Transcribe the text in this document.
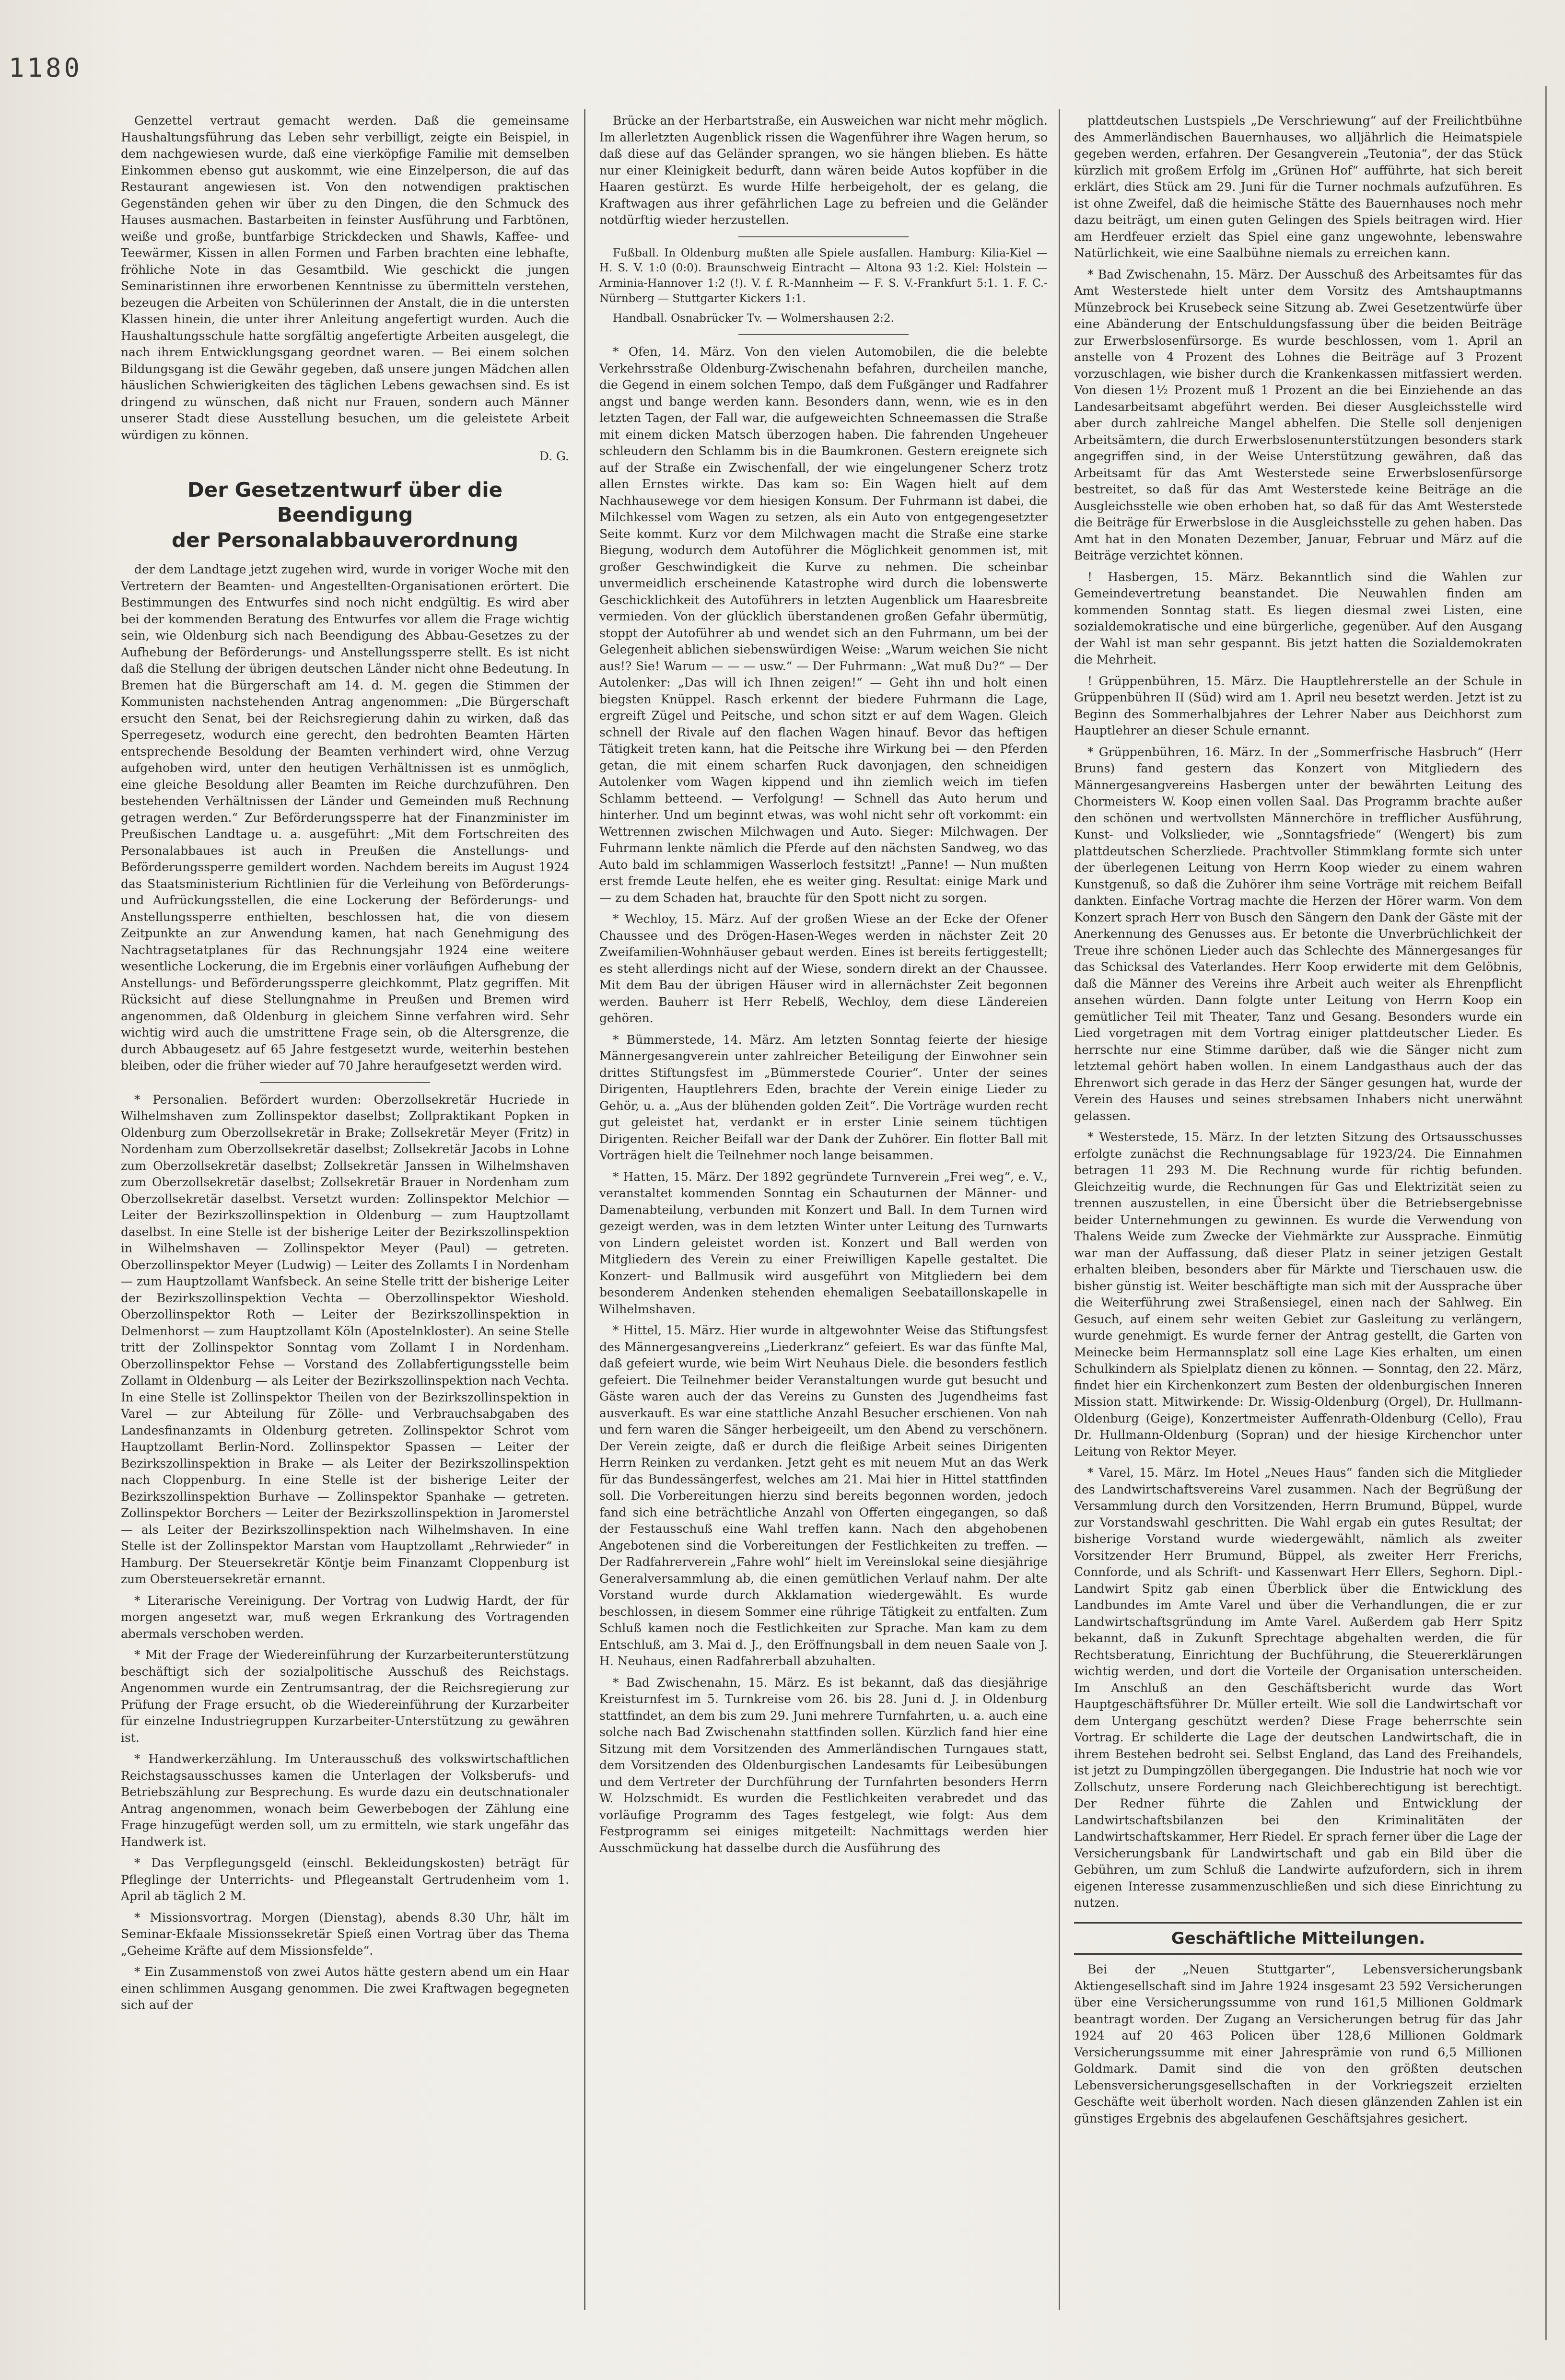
1180

Genzettel vertraut gemacht werden. Daß die gemeinsame Haushaltungsführung das Leben sehr verbilligt, zeigte ein Beispiel, in dem nachgewiesen wurde, daß eine vierköpfige Familie mit demselben Einkommen ebenso gut auskommt, wie eine Einzelperson, die auf das Restaurant angewiesen ist. Von den notwendigen praktischen Gegenständen gehen wir über zu den Dingen, die den Schmuck des Hauses ausmachen. Bastarbeiten in feinster Ausführung und Farbtönen, weiße und große, buntfarbige Strickdecken und Shawls, Kaffee- und Teewärmer, Kissen in allen Formen und Farben brachten eine lebhafte, fröhliche Note in das Gesamtbild. Wie geschickt die jungen Seminaristinnen ihre erworbenen Kenntnisse zu übermitteln verstehen, bezeugen die Arbeiten von Schülerinnen der Anstalt, die in die untersten Klassen hinein, die unter ihrer Anleitung angefertigt wurden. Auch die Haushaltungsschule hatte sorgfältig angefertigte Arbeiten ausgelegt, die nach ihrem Entwicklungsgang geordnet waren. — Bei einem solchen Bildungsgang ist die Gewähr gegeben, daß unsere jungen Mädchen allen häuslichen Schwierigkeiten des täglichen Lebens gewachsen sind. Es ist dringend zu wünschen, daß nicht nur Frauen, sondern auch Männer unserer Stadt diese Ausstellung besuchen, um die geleistete Arbeit würdigen zu können.

D. G.

Der Gesetzentwurf über die Beendigung
der Personalabbauverordnung

der dem Landtage jetzt zugehen wird, wurde in voriger Woche mit den Vertretern der Beamten- und Angestellten-Organisationen erörtert. Die Bestimmungen des Entwurfes sind noch nicht endgültig. Es wird aber bei der kommenden Beratung des Entwurfes vor allem die Frage wichtig sein, wie Oldenburg sich nach Beendigung des Abbau-Gesetzes zu der Aufhebung der Beförderungs- und Anstellungssperre stellt. Es ist nicht daß die Stellung der übrigen deutschen Länder nicht ohne Bedeutung. In Bremen hat die Bürgerschaft am 14. d. M. gegen die Stimmen der Kommunisten nachstehenden Antrag angenommen: „Die Bürgerschaft ersucht den Senat, bei der Reichsregierung dahin zu wirken, daß das Sperregesetz, wodurch eine gerecht, den bedrohten Beamten Härten entsprechende Besoldung der Beamten verhindert wird, ohne Verzug aufgehoben wird, unter den heutigen Verhältnissen ist es unmöglich, eine gleiche Besoldung aller Beamten im Reiche durchzuführen. Den bestehenden Verhältnissen der Länder und Gemeinden muß Rechnung getragen werden.“ Zur Beförderungssperre hat der Finanzminister im Preußischen Landtage u. a. ausgeführt: „Mit dem Fortschreiten des Personalabbaues ist auch in Preußen die Anstellungs- und Beförderungssperre gemildert worden. Nachdem bereits im August 1924 das Staatsministerium Richtlinien für die Verleihung von Beförderungs- und Aufrückungsstellen, die eine Lockerung der Beförderungs- und Anstellungssperre enthielten, beschlossen hat, die von diesem Zeitpunkte an zur Anwendung kamen, hat nach Genehmigung des Nachtragsetatplanes für das Rechnungsjahr 1924 eine weitere wesentliche Lockerung, die im Ergebnis einer vorläufigen Aufhebung der Anstellungs- und Beförderungssperre gleichkommt, Platz gegriffen. Mit Rücksicht auf diese Stellungnahme in Preußen und Bremen wird angenommen, daß Oldenburg in gleichem Sinne verfahren wird. Sehr wichtig wird auch die umstrittene Frage sein, ob die Altersgrenze, die durch Abbaugesetz auf 65 Jahre festgesetzt wurde, weiterhin bestehen bleiben, oder die früher wieder auf 70 Jahre heraufgesetzt werden wird.

* Personalien. Befördert wurden: Oberzollsekretär Hucriede in Wilhelmshaven zum Zollinspektor daselbst; Zollpraktikant Popken in Oldenburg zum Oberzollsekretär in Brake; Zollsekretär Meyer (Fritz) in Nordenham zum Oberzollsekretär daselbst; Zollsekretär Jacobs in Lohne zum Oberzollsekretär daselbst; Zollsekretär Janssen in Wilhelmshaven zum Oberzollsekretär daselbst; Zollsekretär Brauer in Nordenham zum Oberzollsekretär daselbst. Versetzt wurden: Zollinspektor Melchior — Leiter der Bezirkszollinspektion in Oldenburg — zum Hauptzollamt daselbst. In eine Stelle ist der bisherige Leiter der Bezirkszollinspektion in Wilhelmshaven — Zollinspektor Meyer (Paul) — getreten. Oberzollinspektor Meyer (Ludwig) — Leiter des Zollamts I in Nordenham — zum Hauptzollamt Wanfsbeck. An seine Stelle tritt der bisherige Leiter der Bezirkszollinspektion Vechta — Oberzollinspektor Wieshold. Oberzollinspektor Roth — Leiter der Bezirkszollinspektion in Delmenhorst — zum Hauptzollamt Köln (Apostelnkloster). An seine Stelle tritt der Zollinspektor Sonntag vom Zollamt I in Nordenham. Oberzollinspektor Fehse — Vorstand des Zollabfertigungsstelle beim Zollamt in Oldenburg — als Leiter der Bezirkszollinspektion nach Vechta. In eine Stelle ist Zollinspektor Theilen von der Bezirkszollinspektion in Varel — zur Abteilung für Zölle- und Verbrauchsabgaben des Landesfinanzamts in Oldenburg getreten. Zollinspektor Schrot vom Hauptzollamt Berlin-Nord. Zollinspektor Spassen — Leiter der Bezirkszollinspektion in Brake — als Leiter der Bezirkszollinspektion nach Cloppenburg. In eine Stelle ist der bisherige Leiter der Bezirkszollinspektion Burhave — Zollinspektor Spanhake — getreten. Zollinspektor Borchers — Leiter der Bezirkszollinspektion in Jaromerstel — als Leiter der Bezirkszollinspektion nach Wilhelmshaven. In eine Stelle ist der Zollinspektor Marstan vom Hauptzollamt „Rehrwieder“ in Hamburg. Der Steuersekretär Köntje beim Finanzamt Cloppenburg ist zum Obersteuersekretär ernannt.

* Literarische Vereinigung. Der Vortrag von Ludwig Hardt, der für morgen angesetzt war, muß wegen Erkrankung des Vortragenden abermals verschoben werden.

* Mit der Frage der Wiedereinführung der Kurzarbeiterunterstützung beschäftigt sich der sozialpolitische Ausschuß des Reichstags. Angenommen wurde ein Zentrumsantrag, der die Reichsregierung zur Prüfung der Frage ersucht, ob die Wiedereinführung der Kurzarbeiter für einzelne Industriegruppen Kurzarbeiter-Unterstützung zu gewähren ist.

* Handwerkerzählung. Im Unterausschuß des volkswirtschaftlichen Reichstagsausschusses kamen die Unterlagen der Volksberufs- und Betriebszählung zur Besprechung. Es wurde dazu ein deutschnationaler Antrag angenommen, wonach beim Gewerbebogen der Zählung eine Frage hinzugefügt werden soll, um zu ermitteln, wie stark ungefähr das Handwerk ist.

* Das Verpflegungsgeld (einschl. Bekleidungskosten) beträgt für Pfleglinge der Unterrichts- und Pflegeanstalt Gertrudenheim vom 1. April ab täglich 2 M.

* Missionsvortrag. Morgen (Dienstag), abends 8.30 Uhr, hält im Seminar-Ekfaale Missionssekretär Spieß einen Vortrag über das Thema „Geheime Kräfte auf dem Missionsfelde“.

* Ein Zusammenstoß von zwei Autos hätte gestern abend um ein Haar einen schlimmen Ausgang genommen. Die zwei Kraftwagen begegneten sich auf der

Brücke an der Herbartstraße, ein Ausweichen war nicht mehr möglich. Im allerletzten Augenblick rissen die Wagenführer ihre Wagen herum, so daß diese auf das Geländer sprangen, wo sie hängen blieben. Es hätte nur einer Kleinigkeit bedurft, dann wären beide Autos kopfüber in die Haaren gestürzt. Es wurde Hilfe herbeigeholt, der es gelang, die Kraftwagen aus ihrer gefährlichen Lage zu befreien und die Geländer notdürftig wieder herzustellen.

Fußball. In Oldenburg mußten alle Spiele ausfallen. Hamburg: Kilia-Kiel — H. S. V. 1:0 (0:0). Braunschweig Eintracht — Altona 93 1:2. Kiel: Holstein — Arminia-Hannover 1:2 (!). V. f. R.-Mannheim — F. S. V.-Frankfurt 5:1. 1. F. C.-Nürnberg — Stuttgarter Kickers 1:1.

Handball. Osnabrücker Tv. — Wolmershausen 2:2.

* Ofen, 14. März. Von den vielen Automobilen, die die belebte Verkehrsstraße Oldenburg-Zwischenahn befahren, durcheilen manche, die Gegend in einem solchen Tempo, daß dem Fußgänger und Radfahrer angst und bange werden kann. Besonders dann, wenn, wie es in den letzten Tagen, der Fall war, die aufgeweichten Schneemassen die Straße mit einem dicken Matsch überzogen haben. Die fahrenden Ungeheuer schleudern den Schlamm bis in die Baumkronen. Gestern ereignete sich auf der Straße ein Zwischenfall, der wie eingelungener Scherz trotz allen Ernstes wirkte. Das kam so: Ein Wagen hielt auf dem Nachhausewege vor dem hiesigen Konsum. Der Fuhrmann ist dabei, die Milchkessel vom Wagen zu setzen, als ein Auto von entgegengesetzter Seite kommt. Kurz vor dem Milchwagen macht die Straße eine starke Biegung, wodurch dem Autoführer die Möglichkeit genommen ist, mit großer Geschwindigkeit die Kurve zu nehmen. Die scheinbar unvermeidlich erscheinende Katastrophe wird durch die lobenswerte Geschicklichkeit des Autoführers in letzten Augenblick um Haaresbreite vermieden. Von der glücklich überstandenen großen Gefahr übermütig, stoppt der Autoführer ab und wendet sich an den Fuhrmann, um bei der Gelegenheit ablichen siebenswürdigen Weise: „Warum weichen Sie nicht aus!? Sie! Warum — — — usw.“ — Der Fuhrmann: „Wat muß Du?“ — Der Autolenker: „Das will ich Ihnen zeigen!“ — Geht ihn und holt einen biegsten Knüppel. Rasch erkennt der biedere Fuhrmann die Lage, ergreift Zügel und Peitsche, und schon sitzt er auf dem Wagen. Gleich schnell der Rivale auf den flachen Wagen hinauf. Bevor das heftigen Tätigkeit treten kann, hat die Peitsche ihre Wirkung bei — den Pferden getan, die mit einem scharfen Ruck davonjagen, den schneidigen Autolenker vom Wagen kippend und ihn ziemlich weich im tiefen Schlamm betteend. — Verfolgung! — Schnell das Auto herum und hinterher. Und um beginnt etwas, was wohl nicht sehr oft vorkommt: ein Wettrennen zwischen Milchwagen und Auto. Sieger: Milchwagen. Der Fuhrmann lenkte nämlich die Pferde auf den nächsten Sandweg, wo das Auto bald im schlammigen Wasserloch festsitzt! „Panne! — Nun mußten erst fremde Leute helfen, ehe es weiter ging. Resultat: einige Mark und — zu dem Schaden hat, brauchte für den Spott nicht zu sorgen.

* Wechloy, 15. März. Auf der großen Wiese an der Ecke der Ofener Chaussee und des Drögen-Hasen-Weges werden in nächster Zeit 20 Zweifamilien-Wohnhäuser gebaut werden. Eines ist bereits fertiggestellt; es steht allerdings nicht auf der Wiese, sondern direkt an der Chaussee. Mit dem Bau der übrigen Häuser wird in allernächster Zeit begonnen werden. Bauherr ist Herr Rebelß, Wechloy, dem diese Ländereien gehören.

* Bümmerstede, 14. März. Am letzten Sonntag feierte der hiesige Männergesangverein unter zahlreicher Beteiligung der Einwohner sein drittes Stiftungsfest im „Bümmerstede Courier“. Unter der seines Dirigenten, Hauptlehrers Eden, brachte der Verein einige Lieder zu Gehör, u. a. „Aus der blühenden golden Zeit“. Die Vorträge wurden recht gut geleistet hat, verdankt er in erster Linie seinem tüchtigen Dirigenten. Reicher Beifall war der Dank der Zuhörer. Ein flotter Ball mit Vorträgen hielt die Teilnehmer noch lange beisammen.

* Hatten, 15. März. Der 1892 gegründete Turnverein „Frei weg“, e. V., veranstaltet kommenden Sonntag ein Schauturnen der Männer- und Damenabteilung, verbunden mit Konzert und Ball. In dem Turnen wird gezeigt werden, was in dem letzten Winter unter Leitung des Turnwarts von Lindern geleistet worden ist. Konzert und Ball werden von Mitgliedern des Verein zu einer Freiwilligen Kapelle gestaltet. Die Konzert- und Ballmusik wird ausgeführt von Mitgliedern bei dem besonderem Andenken stehenden ehemaligen Seebataillonskapelle in Wilhelmshaven.

* Hittel, 15. März. Hier wurde in altgewohnter Weise das Stiftungsfest des Männergesangvereins „Liederkranz“ gefeiert. Es war das fünfte Mal, daß gefeiert wurde, wie beim Wirt Neuhaus Diele. die besonders festlich gefeiert. Die Teilnehmer beider Veranstaltungen wurde gut besucht und Gäste waren auch der das Vereins zu Gunsten des Jugendheims fast ausverkauft. Es war eine stattliche Anzahl Besucher erschienen. Von nah und fern waren die Sänger herbeigeeilt, um den Abend zu verschönern. Der Verein zeigte, daß er durch die fleißige Arbeit seines Dirigenten Herrn Reinken zu verdanken. Jetzt geht es mit neuem Mut an das Werk für das Bundessängerfest, welches am 21. Mai hier in Hittel stattfinden soll. Die Vorbereitungen hierzu sind bereits begonnen worden, jedoch fand sich eine beträchtliche Anzahl von Offerten eingegangen, so daß der Festausschuß eine Wahl treffen kann. Nach den abgehobenen Angebotenen sind die Vorbereitungen der Festlichkeiten zu treffen. — Der Radfahrerverein „Fahre wohl“ hielt im Vereinslokal seine diesjährige Generalversammlung ab, die einen gemütlichen Verlauf nahm. Der alte Vorstand wurde durch Akklamation wiedergewählt. Es wurde beschlossen, in diesem Sommer eine rührige Tätigkeit zu entfalten. Zum Schluß kamen noch die Festlichkeiten zur Sprache. Man kam zu dem Entschluß, am 3. Mai d. J., den Eröffnungsball in dem neuen Saale von J. H. Neuhaus, einen Radfahrerball abzuhalten.

* Bad Zwischenahn, 15. März. Es ist bekannt, daß das diesjährige Kreisturnfest im 5. Turnkreise vom 26. bis 28. Juni d. J. in Oldenburg stattfindet, an dem bis zum 29. Juni mehrere Turnfahrten, u. a. auch eine solche nach Bad Zwischenahn stattfinden sollen. Kürzlich fand hier eine Sitzung mit dem Vorsitzenden des Ammerländischen Turngaues statt, dem Vorsitzenden des Oldenburgischen Landesamts für Leibesübungen und dem Vertreter der Durchführung der Turnfahrten besonders Herrn W. Holzschmidt. Es wurden die Festlichkeiten verabredet und das vorläufige Programm des Tages festgelegt, wie folgt: Aus dem Festprogramm sei einiges mitgeteilt: Nachmittags werden hier Ausschmückung hat dasselbe durch die Ausführung des

plattdeutschen Lustspiels „De Verschriewung“ auf der Freilichtbühne des Ammerländischen Bauernhauses, wo alljährlich die Heimatspiele gegeben werden, erfahren. Der Gesangverein „Teutonia“, der das Stück kürzlich mit großem Erfolg im „Grünen Hof“ aufführte, hat sich bereit erklärt, dies Stück am 29. Juni für die Turner nochmals aufzuführen. Es ist ohne Zweifel, daß die heimische Stätte des Bauernhauses noch mehr dazu beiträgt, um einen guten Gelingen des Spiels beitragen wird. Hier am Herdfeuer erzielt das Spiel eine ganz ungewohnte, lebenswahre Natürlichkeit, wie eine Saalbühne niemals zu erreichen kann.

* Bad Zwischenahn, 15. März. Der Ausschuß des Arbeitsamtes für das Amt Westerstede hielt unter dem Vorsitz des Amtshauptmanns Münzebrock bei Krusebeck seine Sitzung ab. Zwei Gesetzentwürfe über eine Abänderung der Entschuldungsfassung über die beiden Beiträge zur Erwerbslosenfürsorge. Es wurde beschlossen, vom 1. April an anstelle von 4 Prozent des Lohnes die Beiträge auf 3 Prozent vorzuschlagen, wie bisher durch die Krankenkassen mitfassiert werden. Von diesen 1½ Prozent muß 1 Prozent an die bei Einziehende an das Landesarbeitsamt abgeführt werden. Bei dieser Ausgleichsstelle wird aber durch zahlreiche Mangel abhelfen. Die Stelle soll denjenigen Arbeitsämtern, die durch Erwerbslosenunterstützungen besonders stark angegriffen sind, in der Weise Unterstützung gewähren, daß das Arbeitsamt für das Amt Westerstede seine Erwerbslosenfürsorge bestreitet, so daß für das Amt Westerstede keine Beiträge an die Ausgleichsstelle wie oben erhoben hat, so daß für das Amt Westerstede die Beiträge für Erwerbslose in die Ausgleichsstelle zu gehen haben. Das Amt hat in den Monaten Dezember, Januar, Februar und März auf die Beiträge verzichtet können.

! Hasbergen, 15. März. Bekanntlich sind die Wahlen zur Gemeindevertretung beanstandet. Die Neuwahlen finden am kommenden Sonntag statt. Es liegen diesmal zwei Listen, eine sozialdemokratische und eine bürgerliche, gegenüber. Auf den Ausgang der Wahl ist man sehr gespannt. Bis jetzt hatten die Sozialdemokraten die Mehrheit.

! Grüppenbühren, 15. März. Die Hauptlehrerstelle an der Schule in Grüppenbühren II (Süd) wird am 1. April neu besetzt werden. Jetzt ist zu Beginn des Sommerhalbjahres der Lehrer Naber aus Deichhorst zum Hauptlehrer an dieser Schule ernannt.

* Grüppenbühren, 16. März. In der „Sommerfrische Hasbruch“ (Herr Bruns) fand gestern das Konzert von Mitgliedern des Männergesangvereins Hasbergen unter der bewährten Leitung des Chormeisters W. Koop einen vollen Saal. Das Programm brachte außer den schönen und wertvollsten Männerchöre in trefflicher Ausführung, Kunst- und Volkslieder, wie „Sonntagsfriede“ (Wengert) bis zum plattdeutschen Scherzliede. Prachtvoller Stimmklang formte sich unter der überlegenen Leitung von Herrn Koop wieder zu einem wahren Kunstgenuß, so daß die Zuhörer ihm seine Vorträge mit reichem Beifall dankten. Einfache Vortrag machte die Herzen der Hörer warm. Von dem Konzert sprach Herr von Busch den Sängern den Dank der Gäste mit der Anerkennung des Genusses aus. Er betonte die Unverbrüchlichkeit der Treue ihre schönen Lieder auch das Schlechte des Männergesanges für das Schicksal des Vaterlandes. Herr Koop erwiderte mit dem Gelöbnis, daß die Männer des Vereins ihre Arbeit auch weiter als Ehrenpflicht ansehen würden. Dann folgte unter Leitung von Herrn Koop ein gemütlicher Teil mit Theater, Tanz und Gesang. Besonders wurde ein Lied vorgetragen mit dem Vortrag einiger plattdeutscher Lieder. Es herrschte nur eine Stimme darüber, daß wie die Sänger nicht zum letztemal gehört haben wollen. In einem Landgasthaus auch der das Ehrenwort sich gerade in das Herz der Sänger gesungen hat, wurde der Verein des Hauses und seines strebsamen Inhabers nicht unerwähnt gelassen.

* Westerstede, 15. März. In der letzten Sitzung des Ortsausschusses erfolgte zunächst die Rechnungsablage für 1923/24. Die Einnahmen betragen 11 293 M. Die Rechnung wurde für richtig befunden. Gleichzeitig wurde, die Rechnungen für Gas und Elektrizität seien zu trennen auszustellen, in eine Übersicht über die Betriebsergebnisse beider Unternehmungen zu gewinnen. Es wurde die Verwendung von Thalens Weide zum Zwecke der Viehmärkte zur Aussprache. Einmütig war man der Auffassung, daß dieser Platz in seiner jetzigen Gestalt erhalten bleiben, besonders aber für Märkte und Tierschauen usw. die bisher günstig ist. Weiter beschäftigte man sich mit der Aussprache über die Weiterführung zwei Straßensiegel, einen nach der Sahlweg. Ein Gesuch, auf einem sehr weiten Gebiet zur Gasleitung zu verlängern, wurde genehmigt. Es wurde ferner der Antrag gestellt, die Garten von Meinecke beim Hermannsplatz soll eine Lage Kies erhalten, um einen Schulkindern als Spielplatz dienen zu können. — Sonntag, den 22. März, findet hier ein Kirchenkonzert zum Besten der oldenburgischen Inneren Mission statt. Mitwirkende: Dr. Wissig-Oldenburg (Orgel), Dr. Hullmann-Oldenburg (Geige), Konzertmeister Auffenrath-Oldenburg (Cello), Frau Dr. Hullmann-Oldenburg (Sopran) und der hiesige Kirchenchor unter Leitung von Rektor Meyer.

* Varel, 15. März. Im Hotel „Neues Haus“ fanden sich die Mitglieder des Landwirtschaftsvereins Varel zusammen. Nach der Begrüßung der Versammlung durch den Vorsitzenden, Herrn Brumund, Büppel, wurde zur Vorstandswahl geschritten. Die Wahl ergab ein gutes Resultat; der bisherige Vorstand wurde wiedergewählt, nämlich als zweiter Vorsitzender Herr Brumund, Büppel, als zweiter Herr Frerichs, Connforde, und als Schrift- und Kassenwart Herr Ellers, Seghorn. Dipl.-Landwirt Spitz gab einen Überblick über die Entwicklung des Landbundes im Amte Varel und über die Verhandlungen, die er zur Landwirtschaftsgründung im Amte Varel. Außerdem gab Herr Spitz bekannt, daß in Zukunft Sprechtage abgehalten werden, die für Rechtsberatung, Einrichtung der Buchführung, die Steuererklärungen wichtig werden, und dort die Vorteile der Organisation unterscheiden. Im Anschluß an den Geschäftsbericht wurde das Wort Hauptgeschäftsführer Dr. Müller erteilt. Wie soll die Landwirtschaft vor dem Untergang geschützt werden? Diese Frage beherrschte sein Vortrag. Er schilderte die Lage der deutschen Landwirtschaft, die in ihrem Bestehen bedroht sei. Selbst England, das Land des Freihandels, ist jetzt zu Dumpingzöllen übergegangen. Die Industrie hat noch wie vor Zollschutz, unsere Forderung nach Gleichberechtigung ist berechtigt. Der Redner führte die Zahlen und Entwicklung der Landwirtschaftsbilanzen bei den Kriminalitäten der Landwirtschaftskammer, Herr Riedel. Er sprach ferner über die Lage der Versicherungsbank für Landwirtschaft und gab ein Bild über die Gebühren, um zum Schluß die Landwirte aufzufordern, sich in ihrem eigenen Interesse zusammenzuschließen und sich diese Einrichtung zu nutzen.

Geschäftliche Mitteilungen.

Bei der „Neuen Stuttgarter“, Lebensversicherungsbank Aktiengesellschaft sind im Jahre 1924 insgesamt 23 592 Versicherungen über eine Versicherungssumme von rund 161,5 Millionen Goldmark beantragt worden. Der Zugang an Versicherungen betrug für das Jahr 1924 auf 20 463 Policen über 128,6 Millionen Goldmark Versicherungssumme mit einer Jahresprämie von rund 6,5 Millionen Goldmark. Damit sind die von den größten deutschen Lebensversicherungsgesellschaften in der Vorkriegszeit erzielten Geschäfte weit überholt worden. Nach diesen glänzenden Zahlen ist ein günstiges Ergebnis des abgelaufenen Geschäftsjahres gesichert.
